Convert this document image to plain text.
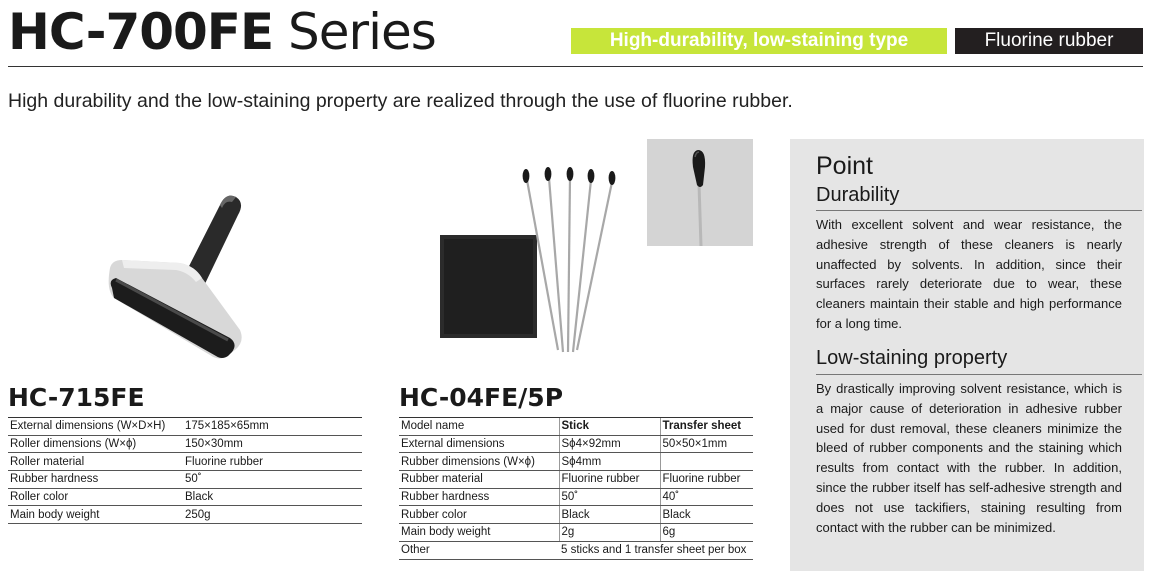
HC-700FE Series	High-durability, low-staining type	Fluorine rubber
High durability and the low-staining property are realized through the use of fluorine rubber.
HC-715FE
External dimensions (W×D×H)	175×185×65mm
Roller dimensions (W×ϕ)	150×30mm
Roller material	Fluorine rubber
Rubber hardness	50˚
Roller color	Black
Main body weight	250g
HC-04FE/5P
Model name	Stick	Transfer sheet
External dimensions	Sϕ4×92mm	50×50×1mm
Rubber dimensions (W×ϕ)	Sϕ4mm	
Rubber material	Fluorine rubber	Fluorine rubber
Rubber hardness	50˚	40˚
Rubber color	Black	Black
Main body weight	2g	6g
Other	5 sticks and 1 transfer sheet per box	
Point
Durability

With excellent solvent and wear resistance, the adhesive strength of these cleaners is nearly unaffected by solvents. In addition, since their surfaces rarely deteriorate due to wear, these cleaners maintain their stable and high performance for a long time.

Low-staining property

By drastically improving solvent resistance, which is a major cause of deterioration in adhesive rubber used for dust removal, these cleaners minimize the bleed of rubber components and the staining which results from contact with the rubber. In addition, since the rubber itself has self-adhesive strength and does not use tackifiers, staining resulting from contact with the rubber can be minimized.
